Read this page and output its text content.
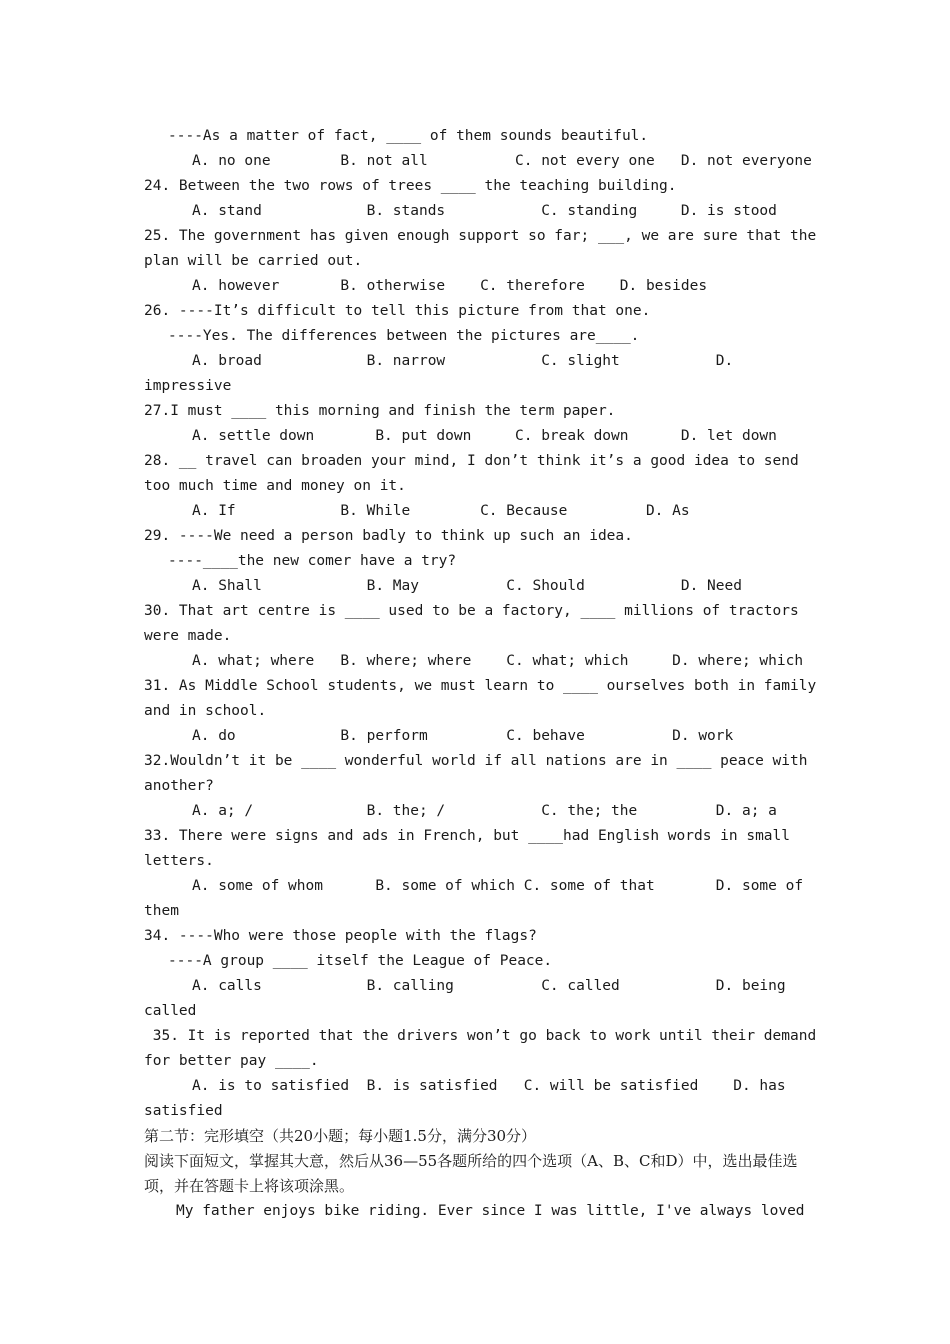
----As a matter of fact, ____ of them sounds beautiful.
A. no one        B. not all          C. not every one   D. not everyone
24. Between the two rows of trees ____ the teaching building.
A. stand            B. stands           C. standing     D. is stood
25. The government has given enough support so far; ___, we are sure that the
plan will be carried out.
A. however       B. otherwise    C. therefore    D. besides
26. ----It’s difficult to tell this picture from that one.
----Yes. The differences between the pictures are____.
A. broad            B. narrow           C. slight           D.
impressive
27.I must ____ this morning and finish the term paper.
A. settle down       B. put down     C. break down      D. let down
28. __ travel can broaden your mind, I don’t think it’s a good idea to send
too much time and money on it.
A. If            B. While        C. Because         D. As
29. ----We need a person badly to think up such an idea.
----____the new comer have a try?
A. Shall            B. May          C. Should           D. Need
30. That art centre is ____ used to be a factory, ____ millions of tractors
were made.
A. what; where   B. where; where    C. what; which     D. where; which
31. As Middle School students, we must learn to ____ ourselves both in family
and in school.
A. do            B. perform         C. behave          D. work
32.Wouldn’t it be ____ wonderful world if all nations are in ____ peace with
another?
A. a; /             B. the; /           C. the; the         D. a; a
33. There were signs and ads in French, but ____had English words in small
letters.
A. some of whom      B. some of which C. some of that       D. some of
them
34. ----Who were those people with the flags?
----A group ____ itself the League of Peace.
A. calls            B. calling          C. called           D. being
called
35. It is reported that the drivers won’t go back to work until their demand
for better pay ____.
A. is to satisfied  B. is satisfied   C. will be satisfied    D. has
satisfied
第二节：完形填空（共20小题；每小题1.5分，满分30分）
阅读下面短文，掌握其大意，然后从36—55各题所给的四个选项（A、B、C和D）中，选出最佳选项，并在答题卡上将该项涂黑。
My father enjoys bike riding. Ever since I was little, I've always loved
